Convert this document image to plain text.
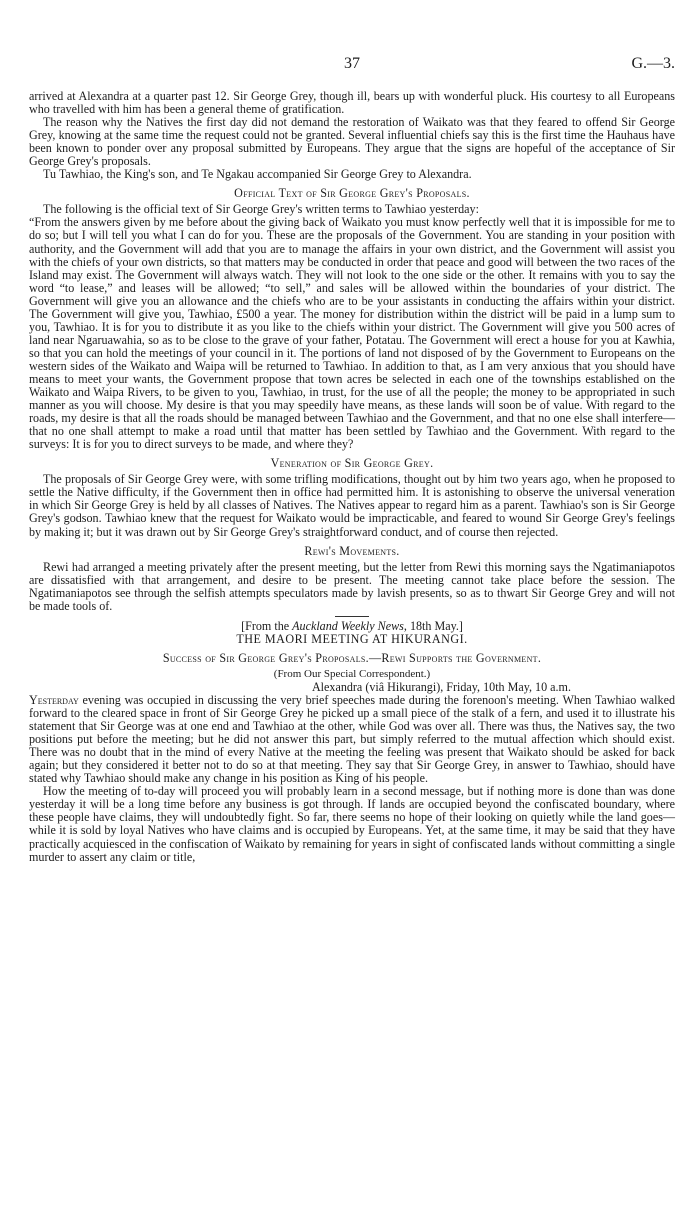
37	G.—3.

arrived at Alexandra at a quarter past 12. Sir George Grey, though ill, bears up with wonderful pluck. His courtesy to all Europeans who travelled with him has been a general theme of gratification.

The reason why the Natives the first day did not demand the restoration of Waikato was that they feared to offend Sir George Grey, knowing at the same time the request could not be granted. Several influential chiefs say this is the first time the Hauhaus have been known to ponder over any proposal submitted by Europeans. They argue that the signs are hopeful of the acceptance of Sir George Grey's proposals.

Tu Tawhiao, the King's son, and Te Ngakau accompanied Sir George Grey to Alexandra.

Official Text of Sir George Grey's Proposals.

The following is the official text of Sir George Grey's written terms to Tawhiao yesterday:

“From the answers given by me before about the giving back of Waikato you must know perfectly well that it is impossible for me to do so; but I will tell you what I can do for you. These are the proposals of the Government. You are standing in your position with authority, and the Government will add that you are to manage the affairs in your own district, and the Government will assist you with the chiefs of your own districts, so that matters may be conducted in order that peace and good will between the two races of the Island may exist. The Government will always watch. They will not look to the one side or the other. It remains with you to say the word “to lease,” and leases will be allowed; “to sell,” and sales will be allowed within the boundaries of your district. The Government will give you an allowance and the chiefs who are to be your assistants in conducting the affairs within your district. The Government will give you, Tawhiao, £500 a year. The money for distribution within the district will be paid in a lump sum to you, Tawhiao. It is for you to distribute it as you like to the chiefs within your district. The Government will give you 500 acres of land near Ngaruawahia, so as to be close to the grave of your father, Potatau. The Government will erect a house for you at Kawhia, so that you can hold the meetings of your council in it. The portions of land not disposed of by the Government to Europeans on the western sides of the Waikato and Waipa will be returned to Tawhiao. In addition to that, as I am very anxious that you should have means to meet your wants, the Government propose that town acres be selected in each one of the townships established on the Waikato and Waipa Rivers, to be given to you, Tawhiao, in trust, for the use of all the people; the money to be appropriated in such manner as you will choose. My desire is that you may speedily have means, as these lands will soon be of value. With regard to the roads, my desire is that all the roads should be managed between Tawhiao and the Government, and that no one else shall interfere—that no one shall attempt to make a road until that matter has been settled by Tawhiao and the Government. With regard to the surveys: It is for you to direct surveys to be made, and where they?

Veneration of Sir George Grey.

The proposals of Sir George Grey were, with some trifling modifications, thought out by him two years ago, when he proposed to settle the Native difficulty, if the Government then in office had permitted him. It is astonishing to observe the universal veneration in which Sir George Grey is held by all classes of Natives. The Natives appear to regard him as a parent. Tawhiao's son is Sir George Grey's godson. Tawhiao knew that the request for Waikato would be impracticable, and feared to wound Sir George Grey's feelings by making it; but it was drawn out by Sir George Grey's straightforward conduct, and of course then rejected.

Rewi's Movements.

Rewi had arranged a meeting privately after the present meeting, but the letter from Rewi this morning says the Ngatimaniapotos are dissatisfied with that arrangement, and desire to be present. The meeting cannot take place before the session. The Ngatimaniapotos see through the selfish attempts speculators made by lavish presents, so as to thwart Sir George Grey and will not be made tools of.

[From the Auckland Weekly News, 18th May.]
THE MAORI MEETING AT HIKURANGI.
Success of Sir George Grey's Proposals.—Rewi Supports the Government.
(From Our Special Correspondent.)
Alexandra (viâ Hikurangi), Friday, 10th May, 10 a.m.

Yesterday evening was occupied in discussing the very brief speeches made during the forenoon's meeting. When Tawhiao walked forward to the cleared space in front of Sir George Grey he picked up a small piece of the stalk of a fern, and used it to illustrate his statement that Sir George was at one end and Tawhiao at the other, while God was over all. There was thus, the Natives say, the two positions put before the meeting; but he did not answer this part, but simply referred to the mutual affection which should exist. There was no doubt that in the mind of every Native at the meeting the feeling was present that Waikato should be asked for back again; but they considered it better not to do so at that meeting. They say that Sir George Grey, in answer to Tawhiao, should have stated why Tawhiao should make any change in his position as King of his people.

How the meeting of to-day will proceed you will probably learn in a second message, but if nothing more is done than was done yesterday it will be a long time before any business is got through. If lands are occupied beyond the confiscated boundary, where these people have claims, they will undoubtedly fight. So far, there seems no hope of their looking on quietly while the land goes—while it is sold by loyal Natives who have claims and is occupied by Europeans. Yet, at the same time, it may be said that they have practically acquiesced in the confiscation of Waikato by remaining for years in sight of confiscated lands without committing a single murder to assert any claim or title,
